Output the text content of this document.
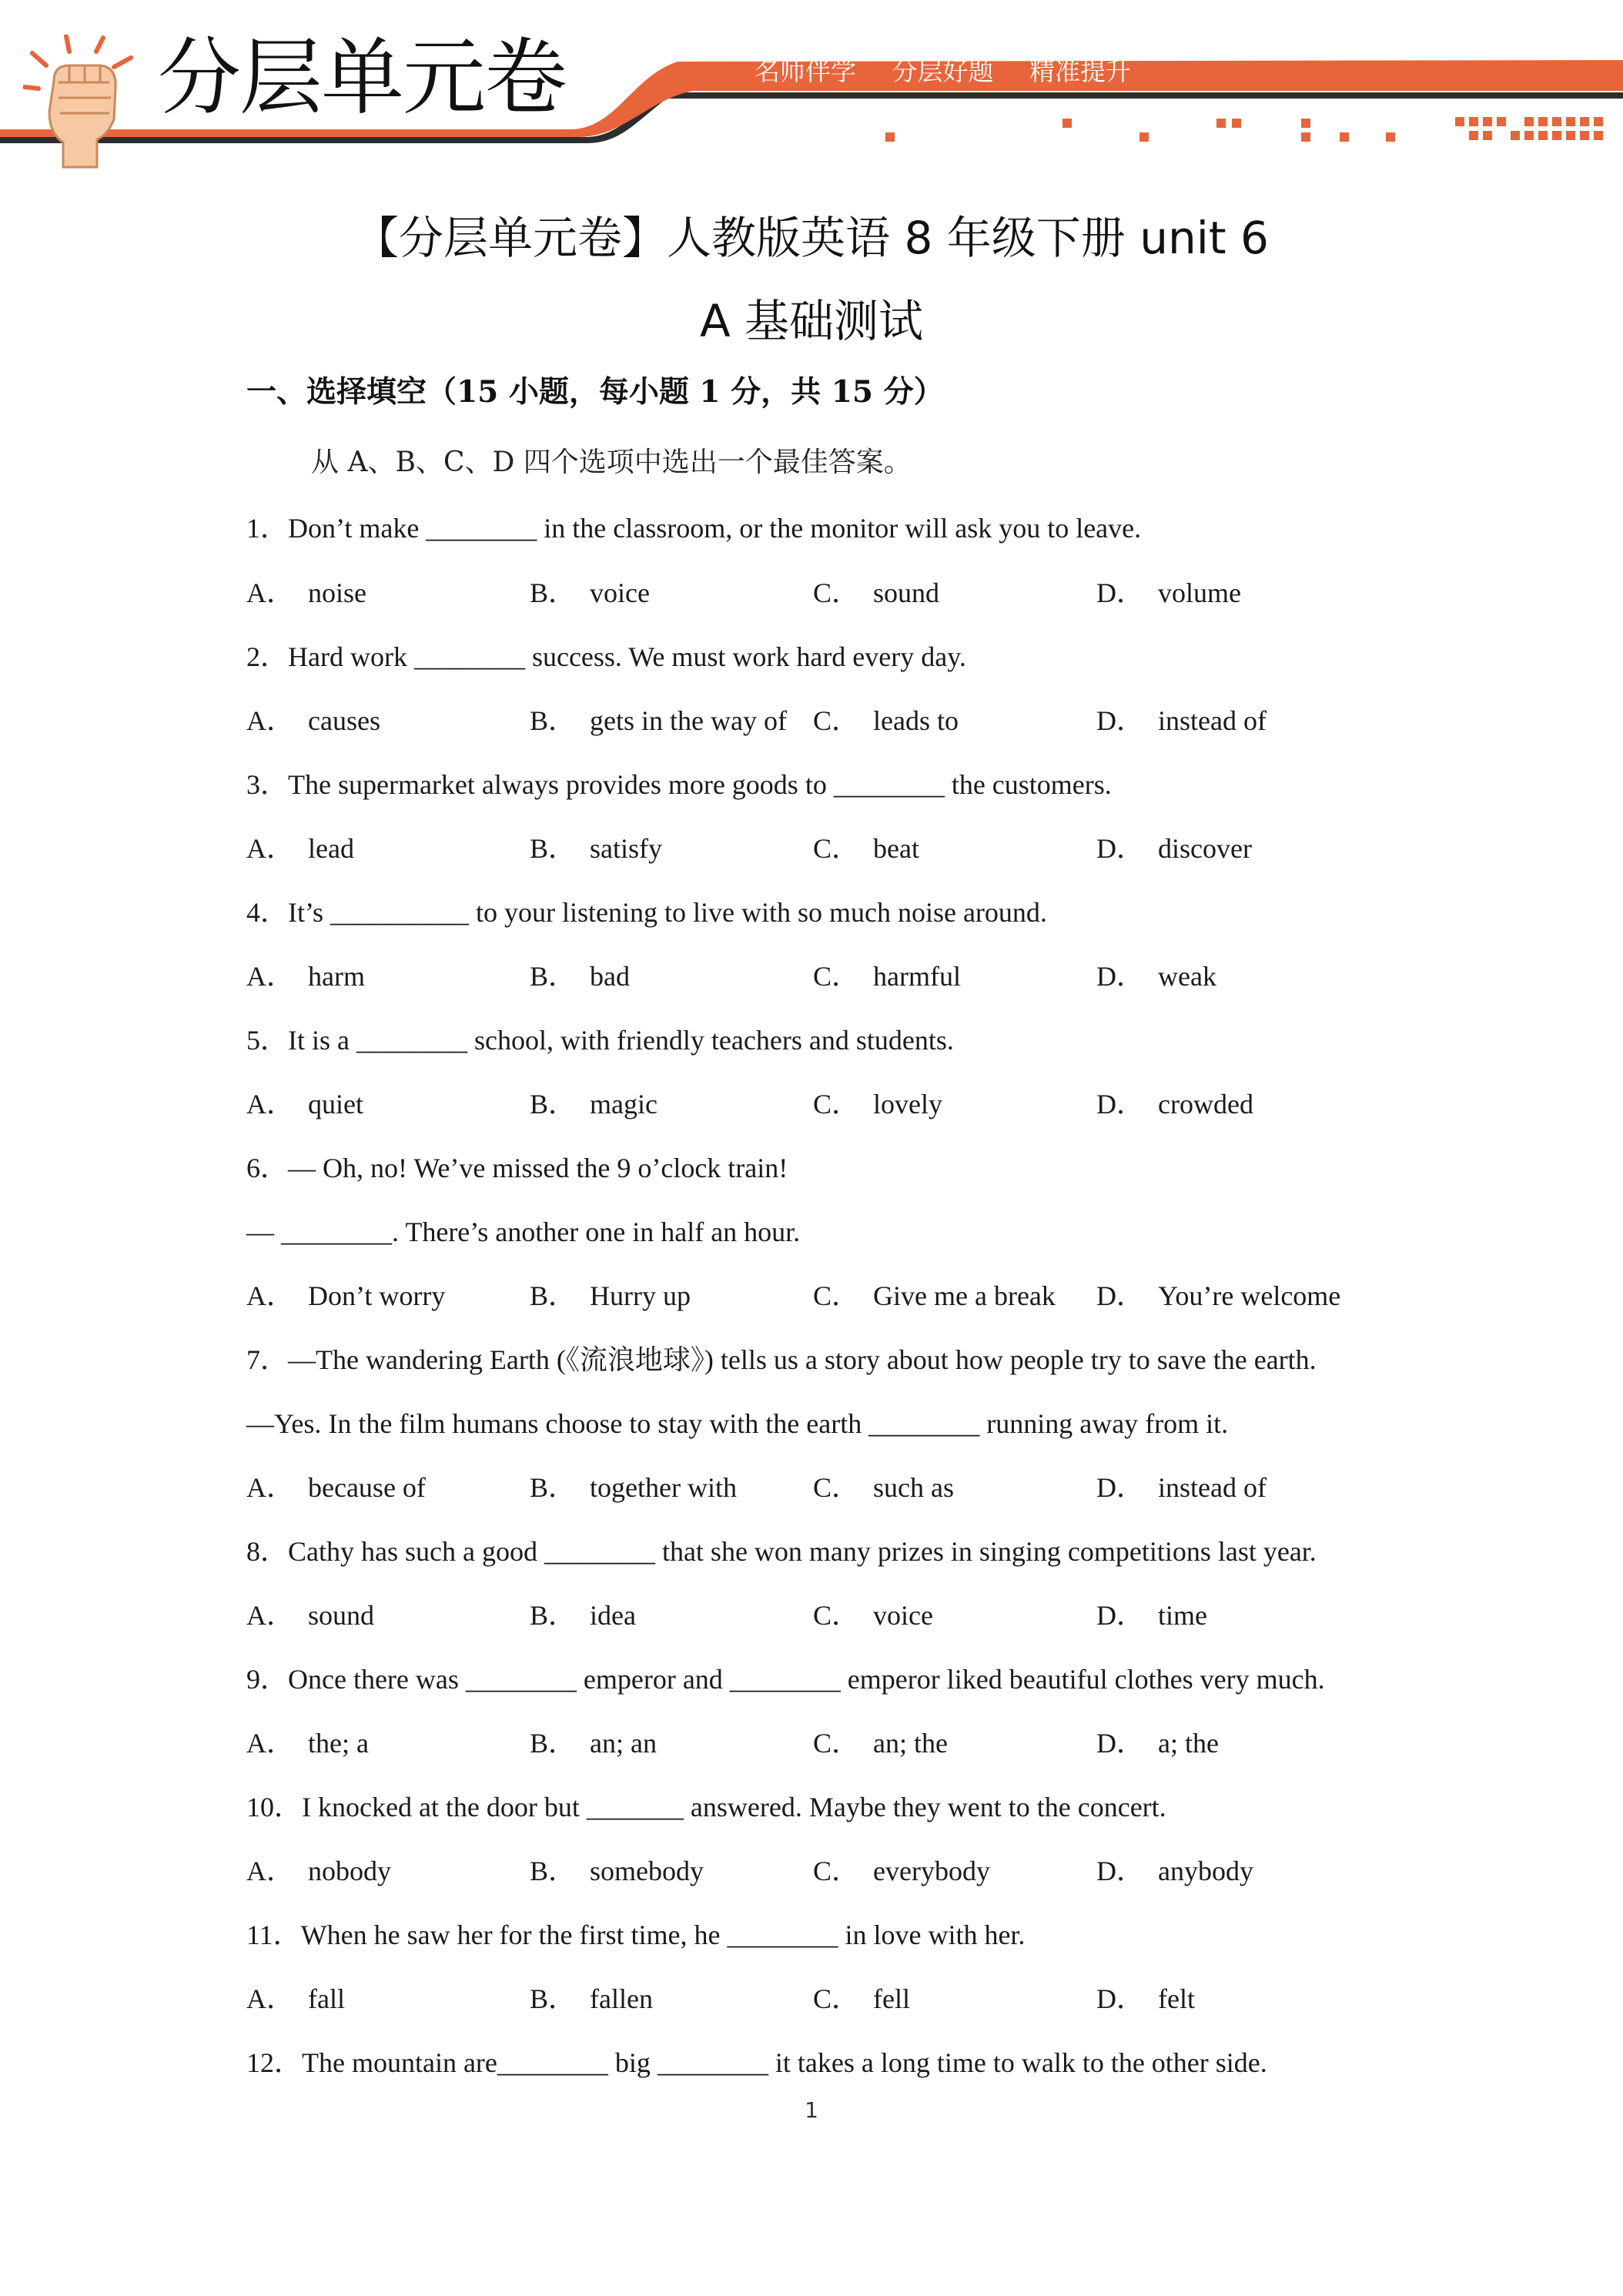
分层单元卷	名师伴学 分层好题 精准提升
【分层单元卷】人教版英语 8 年级下册 unit 6
A 基础测试
一、选择填空（15 小题，每小题 1 分，共 15 分）
从 A、B、C、D 四个选项中选出一个最佳答案。
1．Don’t make ________ in the classroom, or the monitor will ask you to leave.
A． noise	B． voice	C． sound	D． volume
2．Hard work ________ success. We must work hard every day.
A． causes	B． gets in the way of C． leads to	D． instead of
3．The supermarket always provides more goods to ________ the customers.
A． lead	B． satisfy	C． beat	D． discover
4．It’s __________ to your listening to live with so much noise around.
A． harm	B． bad	C． harmful	D． weak
5．It is a ________ school, with friendly teachers and students.
A． quiet	B． magic	C． lovely	D． crowded
6．— Oh, no! We’ve missed the 9 o’clock train!
— ________. There’s another one in half an hour.
A． Don’t worry	B． Hurry up	C． Give me a break D． You’re welcome
7．—The wandering Earth (《流浪地球》) tells us a story about how people try to save the earth.
—Yes. In the film humans choose to stay with the earth ________ running away from it.
A． because of	B． together with	C． such as	D． instead of
8．Cathy has such a good ________ that she won many prizes in singing competitions last year.
A． sound	B． idea	C． voice	D． time
9．Once there was ________ emperor and ________ emperor liked beautiful clothes very much.
A． the; a	B． an; an	C． an; the	D． a; the
10．I knocked at the door but _______ answered. Maybe they went to the concert.
A． nobody	B． somebody	C． everybody	D． anybody
11．When he saw her for the first time, he ________ in love with her.
A． fall	B． fallen	C． fell	D． felt
12．The mountain are________ big ________ it takes a long time to walk to the other side.
1
